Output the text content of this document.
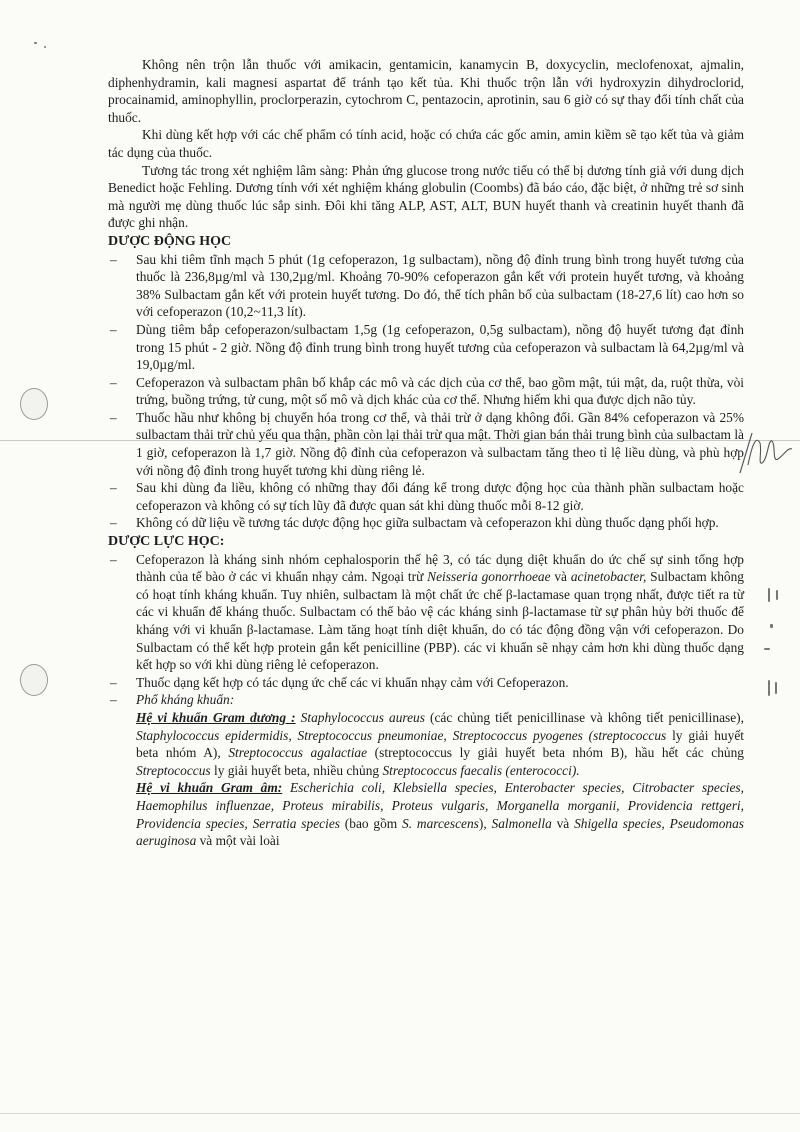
Không nên trộn lẫn thuốc với amikacin, gentamicin, kanamycin B, doxycyclin, meclofenoxat, ajmalin, diphenhydramin, kali magnesi aspartat để tránh tạo kết tủa. Khi thuốc trộn lẫn với hydroxyzin dihydroclorid, procainamid, aminophyllin, proclorperazin, cytochrom C, pentazocin, aprotinin, sau 6 giờ có sự thay đổi tính chất của thuốc.

Khi dùng kết hợp với các chế phẩm có tính acid, hoặc có chứa các gốc amin, amin kiềm sẽ tạo kết tủa và giảm tác dụng của thuốc.

Tương tác trong xét nghiệm lâm sàng: Phản ứng glucose trong nước tiểu có thể bị dương tính giả với dung dịch Benedict hoặc Fehling. Dương tính với xét nghiệm kháng globulin (Coombs) đã báo cáo, đặc biệt, ở những trẻ sơ sinh mà người mẹ dùng thuốc lúc sắp sinh. Đôi khi tăng ALP, AST, ALT, BUN huyết thanh và creatinin huyết thanh đã được ghi nhận.

DƯỢC ĐỘNG HỌC
– Sau khi tiêm tĩnh mạch 5 phút (1g cefoperazon, 1g sulbactam), nồng độ đỉnh trung bình trong huyết tương của thuốc là 236,8µg/ml và 130,2µg/ml. Khoảng 70-90% cefoperazon gắn kết với protein huyết tương, và khoảng 38% Sulbactam gắn kết với protein huyết tương. Do đó, thể tích phân bố của sulbactam (18-27,6 lít) cao hơn so với cefoperazon (10,2~11,3 lít).
– Dùng tiêm bắp cefoperazon/sulbactam 1,5g (1g cefoperazon, 0,5g sulbactam), nồng độ huyết tương đạt đỉnh trong 15 phút - 2 giờ. Nồng độ đỉnh trung bình trong huyết tương của cefoperazon và sulbactam là 64,2µg/ml và 19,0µg/ml.
– Cefoperazon và sulbactam phân bố khắp các mô và các dịch của cơ thể, bao gồm mật, túi mật, da, ruột thừa, vòi trứng, buồng trứng, tử cung, một số mô và dịch khác của cơ thể. Nhưng hiếm khi qua được dịch não tủy.
– Thuốc hầu như không bị chuyển hóa trong cơ thể, và thải trừ ở dạng không đổi. Gần 84% cefoperazon và 25% sulbactam thải trừ chủ yếu qua thận, phần còn lại thải trừ qua mật. Thời gian bán thải trung bình của sulbactam là 1 giờ, cefoperazon là 1,7 giờ. Nồng độ đỉnh của cefoperazon và sulbactam tăng theo tỉ lệ liều dùng, và phù hợp với nồng độ đỉnh trong huyết tương khi dùng riêng lẻ.
– Sau khi dùng đa liều, không có những thay đổi đáng kể trong dược động học của thành phần sulbactam hoặc cefoperazon và không có sự tích lũy đã được quan sát khi dùng thuốc mỗi 8-12 giờ.
– Không có dữ liệu về tương tác dược động học giữa sulbactam và cefoperazon khi dùng thuốc dạng phối hợp.
DƯỢC LỰC HỌC:
– Cefoperazon là kháng sinh nhóm cephalosporin thế hệ 3, có tác dụng diệt khuẩn do ức chế sự sinh tổng hợp thành của tế bào ở các vi khuẩn nhạy cảm. Ngoại trừ Neisseria gonorrhoeae và acinetobacter, Sulbactam không có hoạt tính kháng khuẩn. Tuy nhiên, sulbactam là một chất ức chế β-lactamase quan trọng nhất, được tiết ra từ các vi khuẩn để kháng thuốc. Sulbactam có thể bảo vệ các kháng sinh β-lactamase từ sự phân hủy bởi thuốc để kháng với vi khuẩn β-lactamase. Làm tăng hoạt tính diệt khuẩn, do có tác động đồng vận với cefoperazon. Do Sulbactam có thể kết hợp protein gắn kết penicilline (PBP). các vi khuẩn sẽ nhạy cảm hơn khi dùng thuốc dạng kết hợp so với khi dùng riêng lẻ cefoperazon.
– Thuốc dạng kết hợp có tác dụng ức chế các vi khuẩn nhạy cảm với Cefoperazon.
– Phổ kháng khuẩn:

Hệ vi khuẩn Gram dương : Staphylococcus aureus (các chủng tiết penicillinase và không tiết penicillinase), Staphylococcus epidermidis, Streptococcus pneumoniae, Streptococcus pyogenes (streptococcus ly giải huyết beta nhóm A), Streptococcus agalactiae (streptococcus ly giải huyết beta nhóm B), hầu hết các chủng Streptococcus ly giải huyết beta, nhiều chủng Streptococcus faecalis (enterococci).

Hệ vi khuẩn Gram âm: Escherichia coli, Klebsiella species, Enterobacter species, Citrobacter species, Haemophilus influenzae, Proteus mirabilis, Proteus vulgaris, Morganella morganii, Providencia rettgeri, Providencia species, Serratia species (bao gồm S. marcescens), Salmonella và Shigella species, Pseudomonas aeruginosa và một vài loài
